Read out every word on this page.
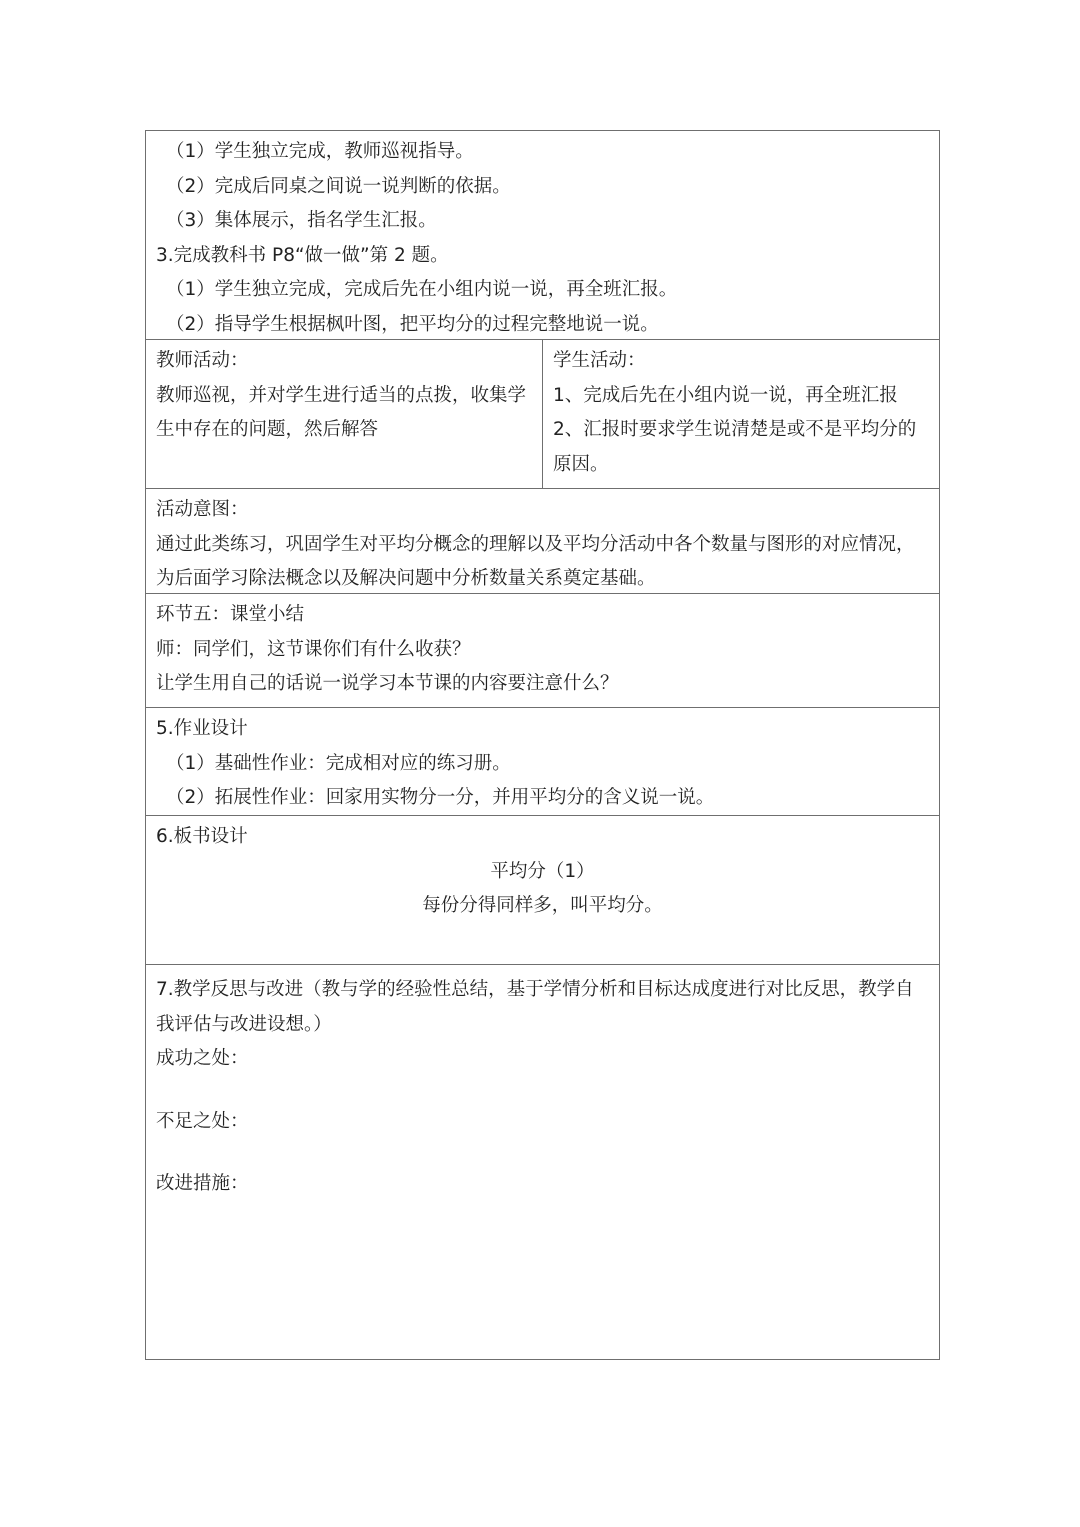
（1）学生独立完成，教师巡视指导。
（2）完成后同桌之间说一说判断的依据。
（3）集体展示，指名学生汇报。
3.完成教科书 P8“做一做”第 2 题。
（1）学生独立完成，完成后先在小组内说一说，再全班汇报。
（2）指导学生根据枫叶图，把平均分的过程完整地说一说。
教师活动：
教师巡视，并对学生进行适当的点拨，收集学生中存在的问题，然后解答
学生活动：
1、完成后先在小组内说一说，再全班汇报
2、汇报时要求学生说清楚是或不是平均分的原因。
活动意图：
通过此类练习，巩固学生对平均分概念的理解以及平均分活动中各个数量与图形的对应情况，为后面学习除法概念以及解决问题中分析数量关系奠定基础。
环节五：课堂小结
师：同学们，这节课你们有什么收获？
让学生用自己的话说一说学习本节课的内容要注意什么？
5.作业设计
（1）基础性作业：完成相对应的练习册。
（2）拓展性作业：回家用实物分一分，并用平均分的含义说一说。
6.板书设计
平均分（1）
每份分得同样多，叫平均分。
7.教学反思与改进（教与学的经验性总结，基于学情分析和目标达成度进行对比反思，教学自我评估与改进设想。）
成功之处：
不足之处：
改进措施：
